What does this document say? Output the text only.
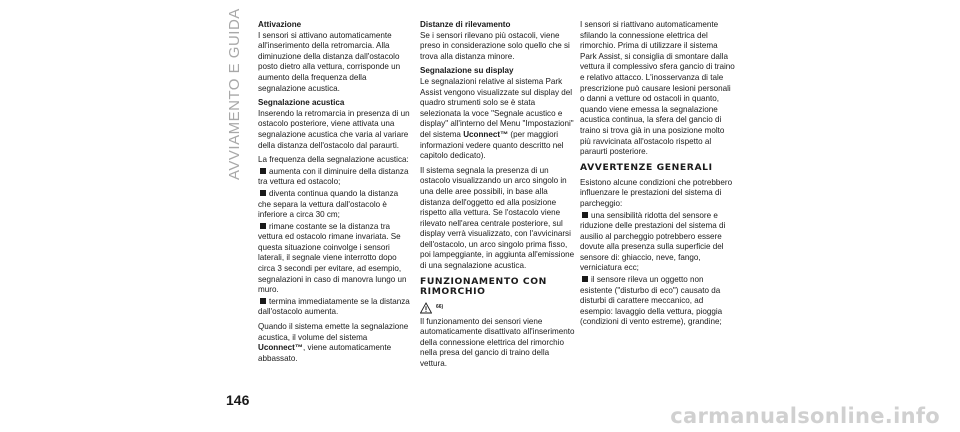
AVVIAMENTO E GUIDA
146
Attivazione

I sensori si attivano automaticamente all'inserimento della retromarcia. Alla diminuzione della distanza dall'ostacolo posto dietro alla vettura, corrisponde un aumento della frequenza della segnalazione acustica.

Segnalazione acustica

Inserendo la retromarcia in presenza di un ostacolo posteriore, viene attivata una segnalazione acustica che varia al variare della distanza dell'ostacolo dal paraurti.

La frequenza della segnalazione acustica:

aumenta con il diminuire della distanza tra vettura ed ostacolo;
diventa continua quando la distanza che separa la vettura dall'ostacolo è inferiore a circa 30 cm;
rimane costante se la distanza tra vettura ed ostacolo rimane invariata. Se questa situazione coinvolge i sensori laterali, il segnale viene interrotto dopo circa 3 secondi per evitare, ad esempio, segnalazioni in caso di manovra lungo un muro.
termina immediatamente se la distanza dall'ostacolo aumenta.

Quando il sistema emette la segnalazione acustica, il volume del sistema Uconnect™, viene automaticamente abbassato.

Distanze di rilevamento

Se i sensori rilevano più ostacoli, viene preso in considerazione solo quello che si trova alla distanza minore.

Segnalazione su display

Le segnalazioni relative al sistema Park Assist vengono visualizzate sul display del quadro strumenti solo se è stata selezionata la voce "Segnale acustico e display" all'interno del Menu "Impostazioni" del sistema Uconnect™ (per maggiori informazioni vedere quanto descritto nel capitolo dedicato).

Il sistema segnala la presenza di un ostacolo visualizzando un arco singolo in una delle aree possibili, in base alla distanza dell'oggetto ed alla posizione rispetto alla vettura. Se l'ostacolo viene rilevato nell'area centrale posteriore, sul display verrà visualizzato, con l'avvicinarsi dell'ostacolo, un arco singolo prima fisso, poi lampeggiante, in aggiunta all'emissione di una segnalazione acustica.

FUNZIONAMENTO CON RIMORCHIO
66)

Il funzionamento dei sensori viene automaticamente disattivato all'inserimento della connessione elettrica del rimorchio nella presa del gancio di traino della vettura.

I sensori si riattivano automaticamente sfilando la connessione elettrica del rimorchio. Prima di utilizzare il sistema Park Assist, si consiglia di smontare dalla vettura il complessivo sfera gancio di traino e relativo attacco. L'inosservanza di tale prescrizione può causare lesioni personali o danni a vetture od ostacoli in quanto, quando viene emessa la segnalazione acustica continua, la sfera del gancio di traino si trova già in una posizione molto più ravvicinata all'ostacolo rispetto al paraurti posteriore.

AVVERTENZE GENERALI

Esistono alcune condizioni che potrebbero influenzare le prestazioni del sistema di parcheggio:

una sensibilità ridotta del sensore e riduzione delle prestazioni del sistema di ausilio al parcheggio potrebbero essere dovute alla presenza sulla superficie del sensore di: ghiaccio, neve, fango, verniciatura ecc;
il sensore rileva un oggetto non esistente ("disturbo di eco") causato da disturbi di carattere meccanico, ad esempio: lavaggio della vettura, pioggia (condizioni di vento estreme), grandine;
carmanualsonline.info
